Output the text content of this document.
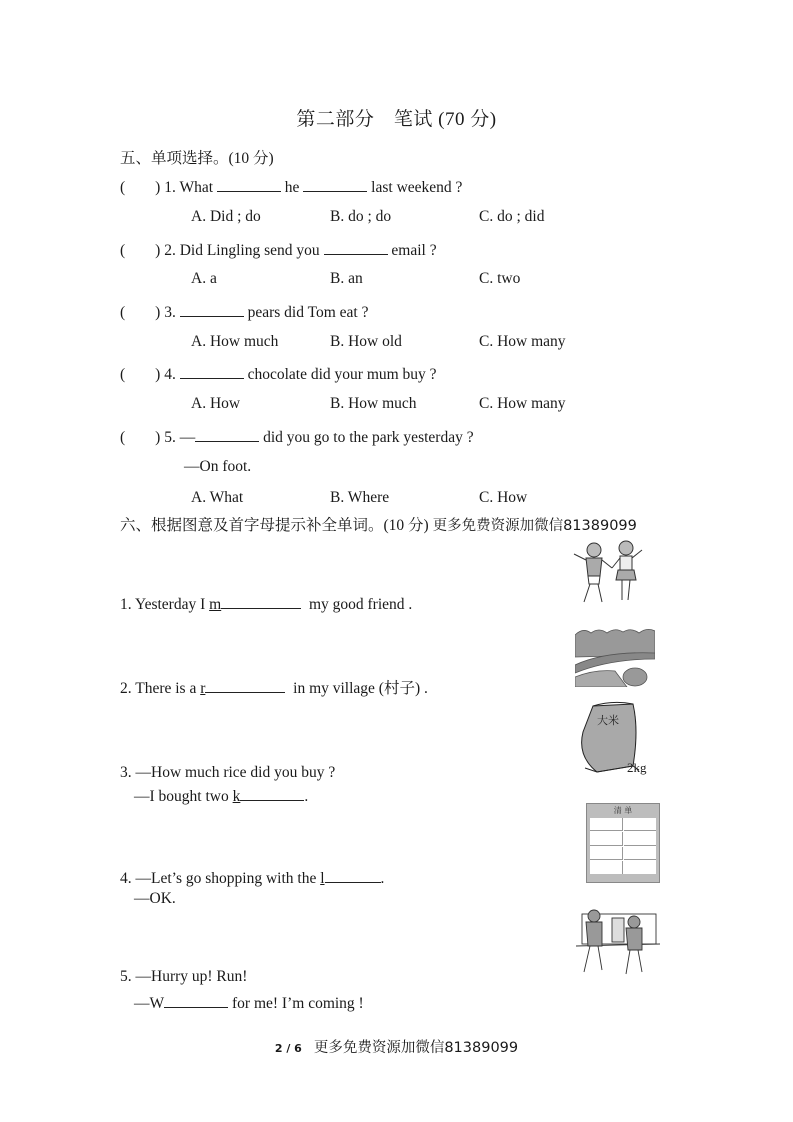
第二部分　笔试 (70 分)
五、单项选择。(10 分)
( ) 1. What	he	last weekend ?
A. Did ; do	B. do ; do	C. do ; did
( ) 2. Did Lingling send you	email ?
A. a	B. an	C. two
( ) 3.	pears did Tom eat ?
A. How much	B. How old	C. How many
( ) 4.	chocolate did your mum buy ?
A. How	B. How much	C. How many
( ) 5. —	did you go to the park yesterday ?
—On foot.
A. What	B. Where	C. How
六、根据图意及首字母提示补全单词。(10 分) 更多免费资源加微信81389099
1. Yesterday I m	my good friend .
2. There is a r	in my village (村子) .
3. —How much rice did you buy ?
—I bought two k	.
4. —Let’s go shopping with the l	.
—OK.
5. —Hurry up! Run!
—W	for me! I’m coming !
大米
2kg
清 单
2 / 6 更多免费资源加微信81389099
